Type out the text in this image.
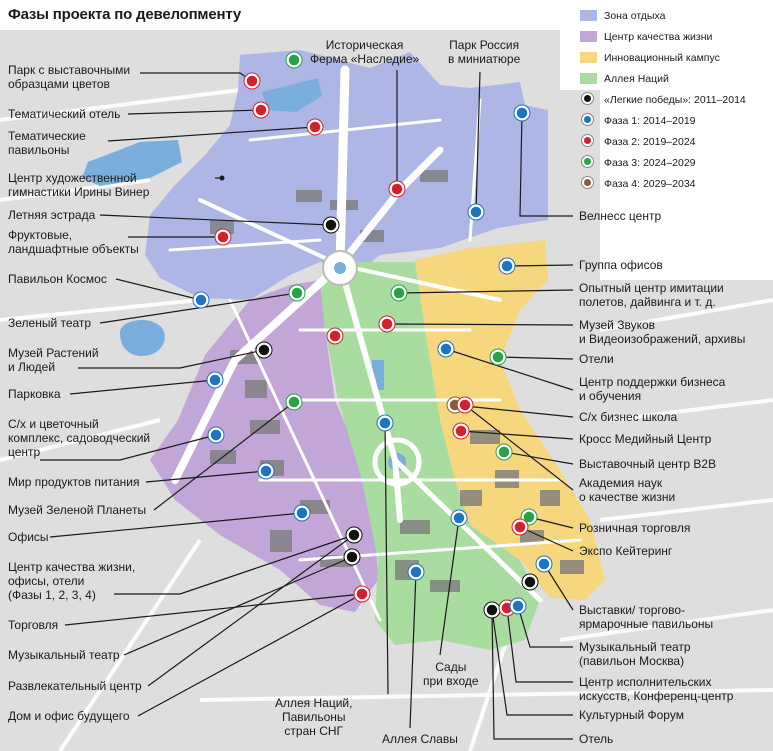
Фазы проекта по девелопменту	Зона отдыха
Центр качества жизни
Инновационный кампус
Аллея Наций
«Легкие победы»: 2011–2014
Фаза 1: 2014–2019
Фаза 2: 2019–2024
Фаза 3: 2024–2029
Фаза 4: 2029–2034
Парк с выставочными
образцами цветов
Тематический отель
Тематические
павильоны
Центр художественной
гимнастики Ирины Винер
Летняя эстрада
Фруктовые,
ландшафтные объекты
Павильон Космос
Зеленый театр
Музей Растений
и Людей
Парковка
С/х и цветочный
комплекс, садоводческий
центр
Мир продуктов питания
Музей Зеленой Планеты
Офисы
Центр качества жизни,
офисы, отели
(Фазы 1, 2, 3, 4)
Торговля
Музыкальный театр
Развлекательный центр
Дом и офис будущего
Историческая
Ферма «Наследие»
Парк Россия
в миниатюре
Велнесс центр
Группа офисов
Опытный центр имитации
полетов, дайвинга и т. д.
Музей Звуков
и Видеоизображений, архивы
Отели
Центр поддержки бизнеса
и обучения
С/х бизнес школа
Кросс Медийный Центр
Выставочный центр B2B
Академия наук
о качестве жизни
Розничная торговля
Экспо Кейтеринг
Выставки/ торгово-
ярмарочные павильоны
Музыкальный театр
(павильон Москва)
Центр исполнительских
искусств, Конференц-центр
Культурный Форум
Отель
Сады
при входе
Аллея Наций,
Павильоны
стран СНГ
Аллея Славы
